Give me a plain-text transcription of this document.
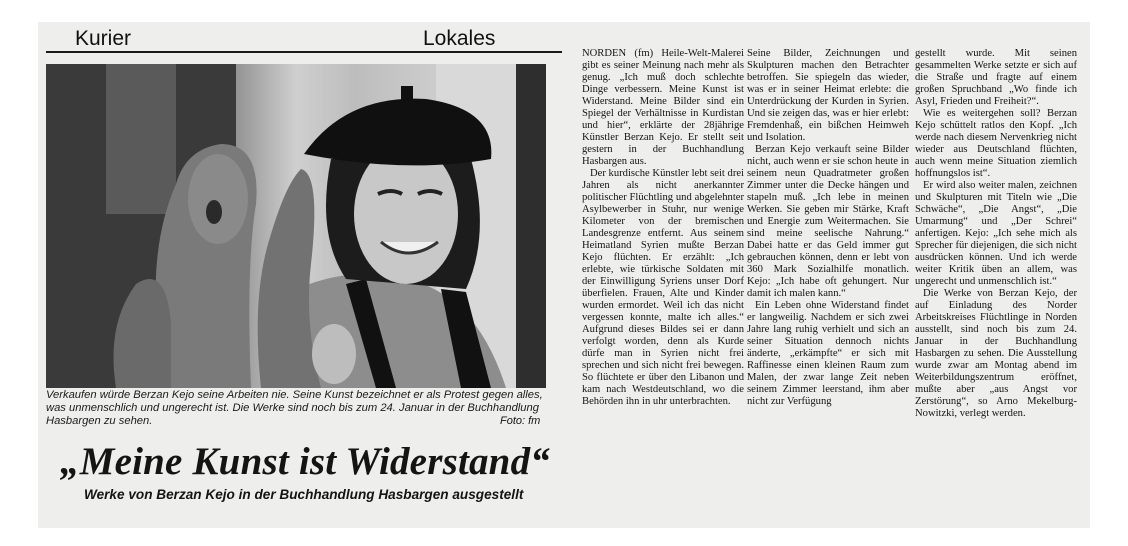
Kurier	Lokales
Verkaufen würde Berzan Kejo seine Arbeiten nie. Seine Kunst bezeichnet er als Protest gegen alles, was unmenschlich und ungerecht ist. Die Werke sind noch bis zum 24. Januar in der Buchhandlung Hasbargen zu sehen.	Foto: fm
„Meine Kunst ist Widerstand“
Werke von Berzan Kejo in der Buchhandlung Hasbargen ausgestellt

NORDEN (fm) Heile-Welt-Malerei gibt es seiner Meinung nach mehr als genug. „Ich muß doch schlechte Dinge verbessern. Meine Kunst ist Widerstand. Meine Bilder sind ein Spiegel der Verhältnisse in Kurdistan und hier“, erklärte der 28jährige Künstler Berzan Kejo. Er stellt seit gestern in der Buchhandlung Hasbargen aus.

Der kurdische Künstler lebt seit drei Jahren als nicht anerkannter politischer Flüchtling und abgelehnter Asylbewerber in Stuhr, nur wenige Kilometer von der bremischen Landesgrenze entfernt. Aus seinem Heimatland Syrien mußte Berzan Kejo flüchten. Er erzählt: „Ich erlebte, wie türkische Soldaten mit der Einwilligung Syriens unser Dorf überfielen. Frauen, Alte und Kinder wurden ermordet. Weil ich das nicht vergessen konnte, malte ich alles.“ Aufgrund dieses Bildes sei er dann verfolgt worden, denn als Kurde dürfe man in Syrien nicht frei sprechen und sich nicht frei bewegen. So flüchtete er über den Libanon und kam nach Westdeutschland, wo die Behörden ihn in uhr unterbrachten.

Seine Bilder, Zeichnungen und Skulpturen machen den Betrachter betroffen. Sie spiegeln das wieder, was er in seiner Heimat erlebte: die Unterdrückung der Kurden in Syrien. Und sie zeigen das, was er hier erlebt: Fremdenhaß, ein bißchen Heimweh und Isolation.

Berzan Kejo verkauft seine Bilder nicht, auch wenn er sie schon heute in seinem neun Quadratmeter großen Zimmer unter die Decke hängen und stapeln muß. „Ich lebe in meinen Werken. Sie geben mir Stärke, Kraft und Energie zum Weitermachen. Sie sind meine seelische Nahrung.“ Dabei hatte er das Geld immer gut gebrauchen können, denn er lebt von 360 Mark Sozialhilfe monatlich. Kejo: „Ich habe oft gehungert. Nur damit ich malen kann.“

Ein Leben ohne Widerstand findet er langweilig. Nachdem er sich zwei Jahre lang ruhig verhielt und sich an seiner Situation dennoch nichts änderte, „erkämpfte“ er sich mit Raffinesse einen kleinen Raum zum Malen, der zwar lange Zeit neben seinem Zimmer leerstand, ihm aber nicht zur Verfügung

gestellt wurde. Mit seinen gesammelten Werke setzte er sich auf die Straße und fragte auf einem großen Spruchband „Wo finde ich Asyl, Frieden und Freiheit?“.

Wie es weitergehen soll? Berzan Kejo schüttelt ratlos den Kopf. „Ich werde nach diesem Nervenkrieg nicht wieder aus Deutschland flüchten, auch wenn meine Situation ziemlich hoffnungslos ist“.

Er wird also weiter malen, zeichnen und Skulpturen mit Titeln wie „Die Schwäche“, „Die Angst“, „Die Umarmung“ und „Der Schrei“ anfertigen. Kejo: „Ich sehe mich als Sprecher für diejenigen, die sich nicht ausdrücken können. Und ich werde weiter Kritik üben an allem, was ungerecht und unmenschlich ist.“

Die Werke von Berzan Kejo, der auf Einladung des Norder Arbeitskreises Flüchtlinge in Norden ausstellt, sind noch bis zum 24. Januar in der Buchhandlung Hasbargen zu sehen. Die Ausstellung wurde zwar am Montag abend im Weiterbildungszentrum eröffnet, mußte aber „aus Angst vor Zerstörung“, so Arno Mekelburg-Nowitzki, verlegt werden.
